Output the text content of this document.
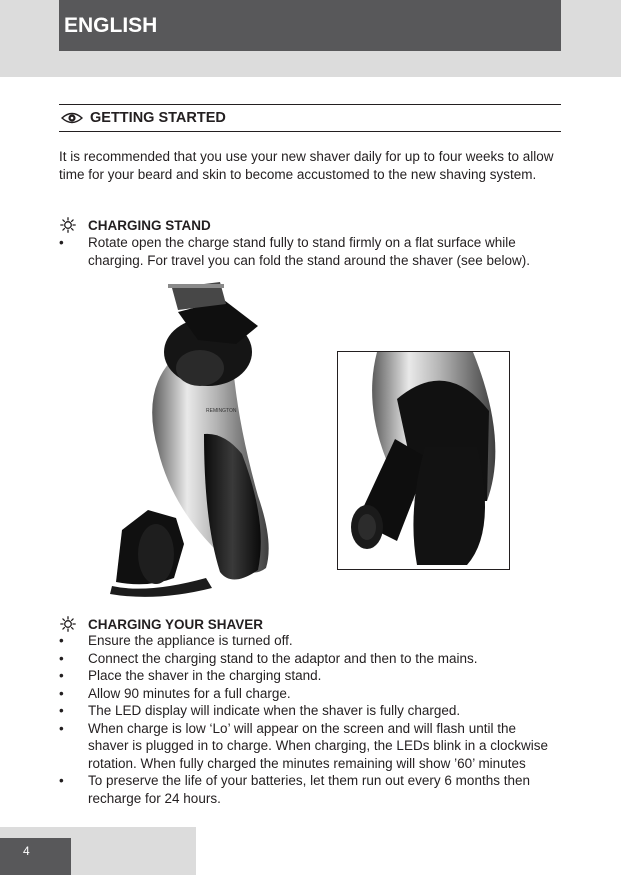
ENGLISH
GETTING STARTED

It is recommended that you use your new shaver daily for up to four weeks to allow time for your beard and skin to become accustomed to the new shaving system.

CHARGING STAND
• Rotate open the charge stand fully to stand firmly on a flat surface while charging. For travel you can fold the stand around the shaver (see below).
REMINGTON
CHARGING YOUR SHAVER
• Ensure the appliance is turned off.
• Connect the charging stand to the adaptor and then to the mains.
• Place the shaver in the charging stand.
• Allow 90 minutes for a full charge.
• The LED display will indicate when the shaver is fully charged.
• When charge is low ‘Lo’ will appear on the screen and will flash until the shaver is plugged in to charge. When charging, the LEDs blink in a clockwise rotation. When fully charged the minutes remaining will show ’60’ minutes
• To preserve the life of your batteries, let them run out every 6 months then recharge for 24 hours.
4
